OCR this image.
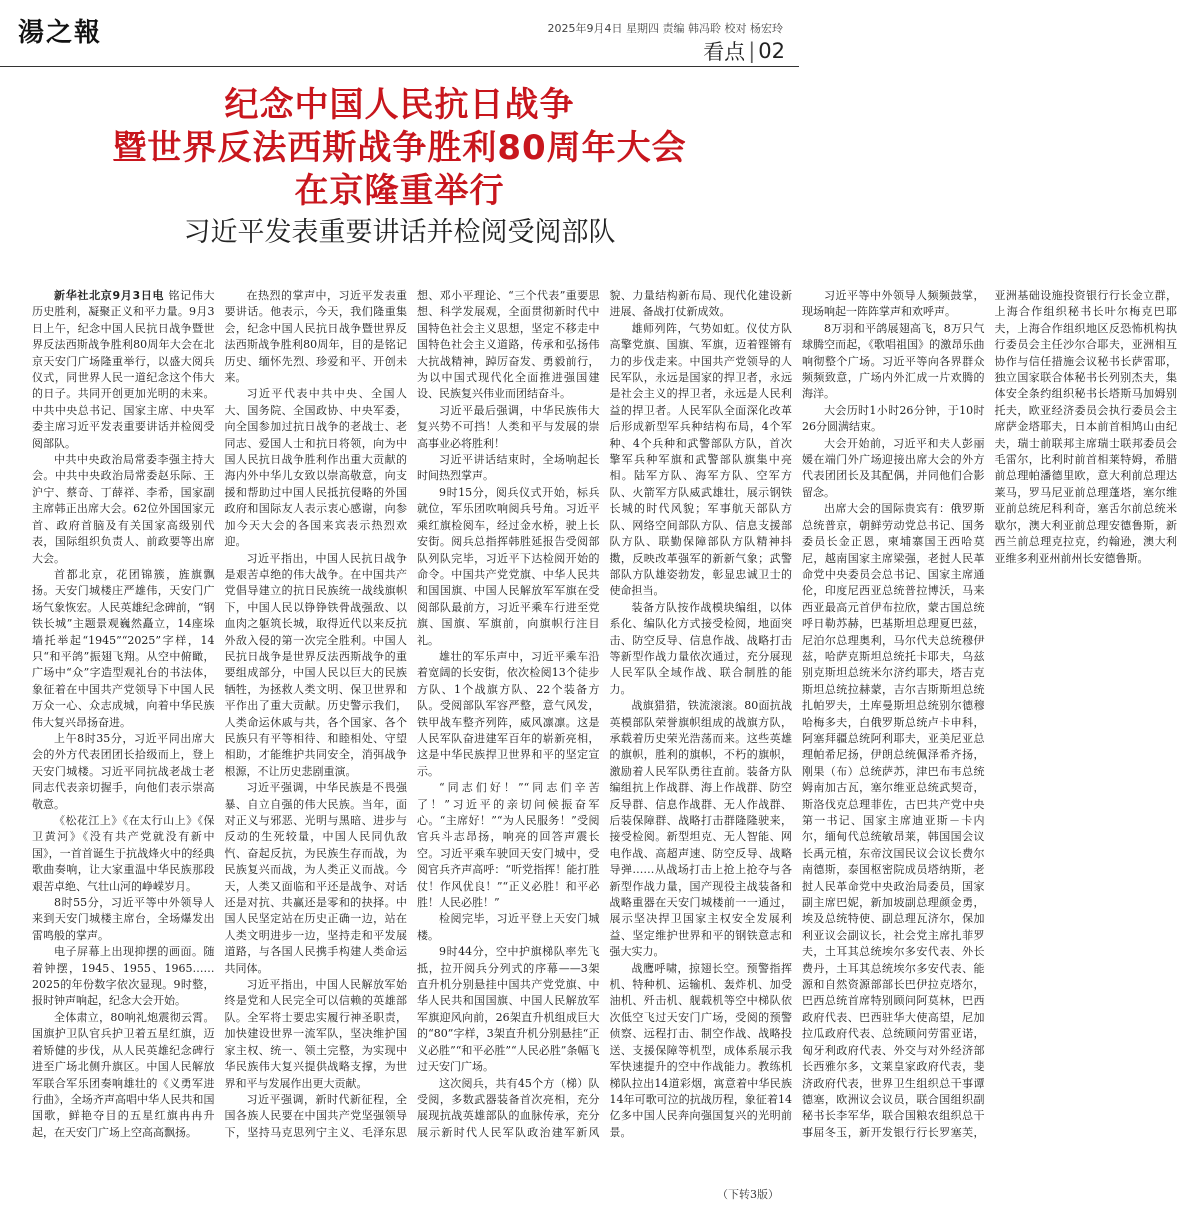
湯之報	2025年9月4日 星期四 责编 韩冯聆 校对 杨宏玲
看点 | 02

纪念中国人民抗日战争

暨世界反法西斯战争胜利80周年大会

在京隆重举行

习近平发表重要讲话并检阅受阅部队

新华社北京9月3日电 铭记伟大历史胜利，凝聚正义和平力量。9月3日上午，纪念中国人民抗日战争暨世界反法西斯战争胜利80周年大会在北京天安门广场隆重举行，以盛大阅兵仪式，同世界人民一道纪念这个伟大的日子。共同开创更加光明的未来。中共中央总书记、国家主席、中央军委主席习近平发表重要讲话并检阅受阅部队。

中共中央政治局常委李强主持大会。中共中央政治局常委赵乐际、王沪宁、蔡奇、丁薛祥、李希，国家副主席韩正出席大会。62位外国国家元首、政府首脑及有关国家高级别代表，国际组织负责人、前政要等出席大会。

首都北京，花团锦簇，旌旗飘扬。天安门城楼庄严雄伟，天安门广场气象恢宏。人民英雄纪念碑前，“钢铁长城”主题景观巍然矗立，14座垛墙托举起“1945”“2025”字样，14只“和平鸽”振翅飞翔。从空中俯瞰，广场中“众”字造型观礼台的书法体，象征着在中国共产党领导下中国人民万众一心、众志成城，向着中华民族伟大复兴昂扬奋进。

上午8时35分，习近平同出席大会的外方代表团团长拾级而上，登上天安门城楼。习近平同抗战老战士老同志代表亲切握手，向他们表示崇高敬意。

《松花江上》《在太行山上》《保卫黄河》《没有共产党就没有新中国》，一首首诞生于抗战烽火中的经典歌曲奏响，让大家重温中华民族那段艰苦卓绝、气壮山河的峥嵘岁月。

8时55分，习近平等中外领导人来到天安门城楼主席台，全场爆发出雷鸣般的掌声。

电子屏幕上出现抑摆的画面。随着钟摆，1945、1955、1965……2025的年份数字依次显现。9时整，报时钟声响起，纪念大会开始。

全体肃立，80响礼炮震彻云霄。国旗护卫队官兵护卫着五星红旗，迈着矫健的步伐，从人民英雄纪念碑行进至广场北侧升旗区。中国人民解放军联合军乐团奏响雄壮的《义勇军进行曲》，全场齐声高唱中华人民共和国国歌，鲜艳夺目的五星红旗冉冉升起，在天安门广场上空高高飘扬。

在热烈的掌声中，习近平发表重要讲话。他表示，今天，我们隆重集会，纪念中国人民抗日战争暨世界反法西斯战争胜利80周年，目的是铭记历史、缅怀先烈、珍爱和平、开创未来。

习近平代表中共中央、全国人大、国务院、全国政协、中央军委，向全国参加过抗日战争的老战士、老同志、爱国人士和抗日将领，向为中国人民抗日战争胜利作出重大贡献的海内外中华儿女致以崇高敬意，向支援和帮助过中国人民抵抗侵略的外国政府和国际友人表示衷心感谢，向参加今天大会的各国来宾表示热烈欢迎。

习近平指出，中国人民抗日战争是艰苦卓绝的伟大战争。在中国共产党倡导建立的抗日民族统一战线旗帜下，中国人民以铮铮铁骨战强敌、以血肉之躯筑长城，取得近代以来反抗外敌入侵的第一次完全胜利。中国人民抗日战争是世界反法西斯战争的重要组成部分，中国人民以巨大的民族牺牲，为拯救人类文明、保卫世界和平作出了重大贡献。历史警示我们，人类命运休戚与共，各个国家、各个民族只有平等相待、和睦相处、守望相助，才能维护共同安全，消弭战争根源，不让历史悲剧重演。

习近平强调，中华民族是不畏强暴、自立自强的伟大民族。当年，面对正义与邪恶、光明与黑暗、进步与反动的生死较量，中国人民同仇敌忾、奋起反抗，为民族生存而战，为民族复兴而战，为人类正义而战。今天，人类又面临和平还是战争、对话还是对抗、共赢还是零和的抉择。中国人民坚定站在历史正确一边，站在人类文明进步一边，坚持走和平发展道路，与各国人民携手构建人类命运共同体。

习近平指出，中国人民解放军始终是党和人民完全可以信赖的英雄部队。全军将士要忠实履行神圣职责，加快建设世界一流军队，坚决维护国家主权、统一、领土完整，为实现中华民族伟大复兴提供战略支撑，为世界和平与发展作出更大贡献。

习近平强调，新时代新征程，全国各族人民要在中国共产党坚强领导下，坚持马克思列宁主义、毛泽东思想、邓小平理论、“三个代表”重要思想、科学发展观，全面贯彻新时代中国特色社会主义思想，坚定不移走中国特色社会主义道路，传承和弘扬伟大抗战精神，踔厉奋发、勇毅前行，为以中国式现代化全面推进强国建设、民族复兴伟业而团结奋斗。

习近平最后强调，中华民族伟大复兴势不可挡！人类和平与发展的崇高事业必将胜利！

习近平讲话结束时，全场响起长时间热烈掌声。

9时15分，阅兵仪式开始，标兵就位，军乐团吹响阅兵号角。习近平乘红旗检阅车，经过金水桥，驶上长安街。阅兵总指挥韩胜延报告受阅部队列队完毕，习近平下达检阅开始的命令。中国共产党党旗、中华人民共和国国旗、中国人民解放军军旗在受阅部队最前方，习近平乘车行进至党旗、国旗、军旗前，向旗帜行注目礼。

雄壮的军乐声中，习近平乘车沿着宽阔的长安街，依次检阅13个徒步方队、1个战旗方队、22个装备方队。受阅部队军容严整，意气风发，铁甲战车整齐列阵，威风凛凛。这是人民军队奋进建军百年的崭新亮相，这是中华民族捍卫世界和平的坚定宣示。

“同志们好！”“同志们辛苦了！”习近平的亲切问候振奋军心。“主席好！”“为人民服务！”受阅官兵斗志昂扬，响亮的回答声震长空。习近平乘车驶回天安门城中，受阅官兵齐声高呼：“听党指挥！能打胜仗！作风优良！”“正义必胜！和平必胜！人民必胜！”

检阅完毕，习近平登上天安门城楼。

9时44分，空中护旗梯队率先飞抵，拉开阅兵分列式的序幕——3架直升机分别悬挂中国共产党党旗、中华人民共和国国旗、中国人民解放军军旗迎风向前，26架直升机组成巨大的“80”字样，3架直升机分别悬挂“正义必胜”“和平必胜”“人民必胜”条幅飞过天安门广场。

这次阅兵，共有45个方（梯）队受阅，多数武器装备首次亮相，充分展现抗战英雄部队的血脉传承，充分展示新时代人民军队政治建军新风貌、力量结构新布局、现代化建设新进展、备战打仗新成效。

雄师列阵，气势如虹。仪仗方队高擎党旗、国旗、军旗，迈着铿锵有力的步伐走来。中国共产党领导的人民军队，永远是国家的捍卫者，永远是社会主义的捍卫者，永远是人民利益的捍卫者。人民军队全面深化改革后形成新型军兵种结构布局，4个军种、4个兵种和武警部队方队，首次擎军兵种军旗和武警部队旗集中亮相。陆军方队、海军方队、空军方队、火箭军方队威武雄壮，展示钢铁长城的时代风貌；军事航天部队方队、网络空间部队方队、信息支援部队方队、联勤保障部队方队精神抖擞，反映改革强军的新新气象；武警部队方队雄姿勃发，彰显忠诚卫士的使命担当。

装备方队按作战模块编组，以体系化、编队化方式接受检阅，地面突击、防空反导、信息作战、战略打击等新型作战力量依次通过，充分展现人民军队全域作战、联合制胜的能力。

战旗猎猎，铁流滚滚。80面抗战英模部队荣誉旗帜组成的战旗方队，承载着历史荣光浩荡而来。这些英雄的旗帜，胜利的旗帜，不朽的旗帜，激励着人民军队勇往直前。装备方队编组抗上作战群、海上作战群、防空反导群、信息作战群、无人作战群、后装保障群、战略打击群隆隆驶来，接受检阅。新型坦克、无人智能、网电作战、高超声速、防空反导、战略导弹……从战场打击上抢上抢夺与各新型作战力量，国产现役主战装备和战略重器在天安门城楼前一一通过，展示坚决捍卫国家主权安全发展利益、坚定维护世界和平的钢铁意志和强大实力。

战鹰呼啸，掠翅长空。预警指挥机、特种机、运输机、轰炸机、加受油机、歼击机、舰载机等空中梯队依次低空飞过天安门广场，受阅的预警侦察、远程打击、制空作战、战略投送、支援保障等机型，成体系展示我军快速提升的空中作战能力。教练机梯队拉出14道彩烟，寓意着中华民族14年可歌可泣的抗战历程，象征着14亿多中国人民奔向强国复兴的光明前景。

习近平等中外领导人频频鼓掌，现场响起一阵阵掌声和欢呼声。

8万羽和平鸽展翅高飞，8万只气球腾空而起，《歌唱祖国》的激昂乐曲响彻整个广场。习近平等向各界群众频频致意，广场内外汇成一片欢腾的海洋。

大会历时1小时26分钟，于10时26分圆满结束。

大会开始前，习近平和夫人彭丽媛在端门外广场迎接出席大会的外方代表团团长及其配偶，并同他们合影留念。

出席大会的国际贵宾有：俄罗斯总统普京，朝鲜劳动党总书记、国务委员长金正恩，柬埔寨国王西哈莫尼，越南国家主席梁强，老挝人民革命党中央委员会总书记、国家主席通伦，印度尼西亚总统普拉博沃，马来西亚最高元首伊布拉欣，蒙古国总统呼日勒苏赫，巴基斯坦总理夏巴兹，尼泊尔总理奥利，马尔代夫总统穆伊兹，哈萨克斯坦总统托卡耶夫，乌兹别克斯坦总统米尔济约耶夫，塔吉克斯坦总统拉赫蒙，吉尔吉斯斯坦总统扎帕罗夫，土库曼斯坦总统别尔德穆哈梅多夫，白俄罗斯总统卢卡申科，阿塞拜疆总统阿利耶夫，亚美尼亚总理帕希尼扬，伊朗总统佩泽希齐扬，刚果（布）总统萨苏，津巴布韦总统姆南加古瓦，塞尔维亚总统武契奇，斯洛伐克总理菲佐，古巴共产党中央第一书记、国家主席迪亚斯－卡内尔，缅甸代总统敏昂莱，韩国国会议长禹元植，东帝汶国民议会议长费尔南德斯，泰国枢密院成员塔纳斯，老挝人民革命党中央政治局委员，国家副主席巴妮，新加坡副总理颜金勇，埃及总统特使、副总理瓦济尔，保加利亚议会副议长，社会党主席扎菲罗夫，土耳其总统埃尔多安代表、外长费丹，土耳其总统埃尔多安代表、能源和自然资源部部长巴伊拉克塔尔，巴西总统首席特别顾问阿莫林，巴西政府代表、巴西驻华大使高望，尼加拉瓜政府代表、总统顾问劳雷亚诺，匈牙利政府代表、外交与对外经济部长西雅尔多，文莱皇家政府代表，斐济政府代表，世界卫生组织总干事谭德塞，欧洲议会议员，联合国组织副秘书长李军华，联合国粮农组织总干事屈冬玉，新开发银行行长罗塞芙，亚洲基础设施投资银行行长金立群，上海合作组织秘书长叶尔梅克巴耶夫，上海合作组织地区反恐怖机构执行委员会主任沙尔合耶夫，亚洲相互协作与信任措施会议秘书长萨雷耶，独立国家联合体秘书长列别杰夫，集体安全条约组织秘书长塔斯马加姆别托夫，欧亚经济委员会执行委员会主席萨金塔耶夫，日本前首相鸠山由纪夫，瑞士前联邦主席瑞士联邦委员会毛雷尔，比利时前首相莱特姆，希腊前总理帕潘德里欧，意大利前总理达莱马，罗马尼亚前总理蓬塔，塞尔维亚前总统尼科利奇，塞舌尔前总统米歇尔，澳大利亚前总理安德鲁斯，新西兰前总理克拉克，约翰逊，澳大利亚维多利亚州前州长安德鲁斯。

（下转3版）
